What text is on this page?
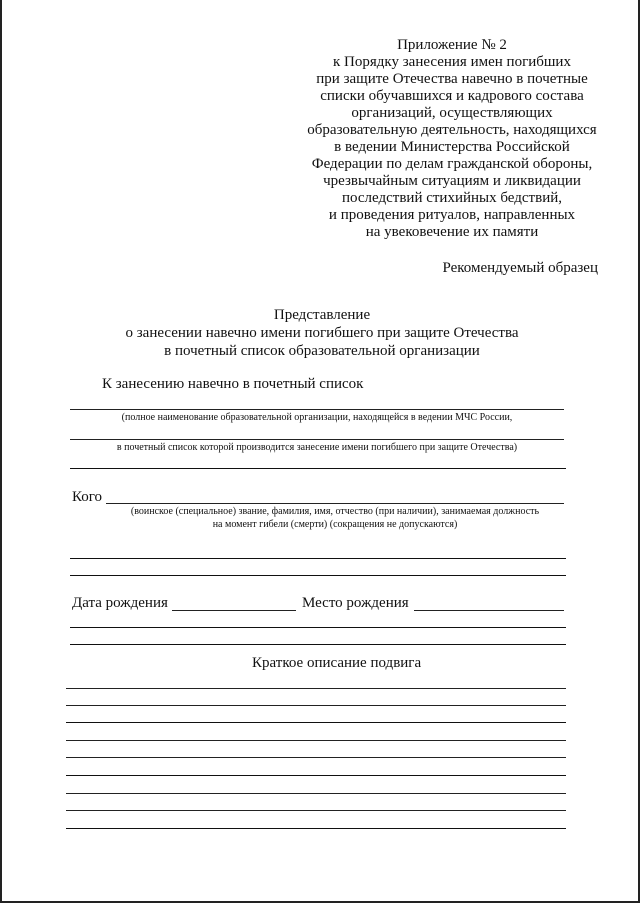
Приложение № 2
к Порядку занесения имен погибших
при защите Отечества навечно в почетные
списки обучавшихся и кадрового состава
организаций, осуществляющих
образовательную деятельность, находящихся
в ведении Министерства Российской
Федерации по делам гражданской обороны,
чрезвычайным ситуациям и ликвидации
последствий стихийных бедствий,
и проведения ритуалов, направленных
на увековечение их памяти
Рекомендуемый образец
Представление
о занесении навечно имени погибшего при защите Отечества
в почетный список образовательной организации
К занесению навечно в почетный список
(полное наименование образовательной организации, находящейся в ведении МЧС России,
в почетный список которой производится занесение имени погибшего при защите Отечества)
Кого
(воинское (специальное) звание, фамилия, имя, отчество (при наличии), занимаемая должность
на момент гибели (смерти) (сокращения не допускаются)
Дата рождения	Место рождения
Краткое описание подвига
